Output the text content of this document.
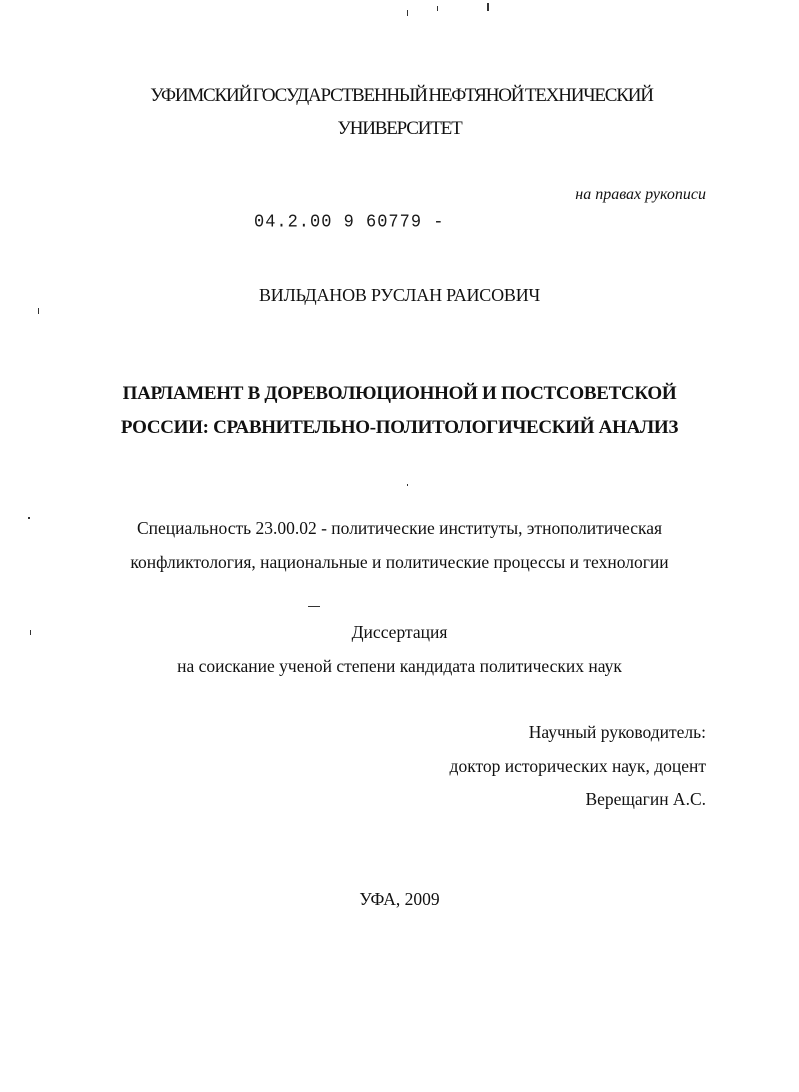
УФИМСКИЙ ГОСУДАРСТВЕННЫЙ НЕФТЯНОЙ ТЕХНИЧЕСКИЙ
УНИВЕРСИТЕТ
на правах рукописи
04.2.00 9 60779 -
ВИЛЬДАНОВ РУСЛАН РАИСОВИЧ
ПАРЛАМЕНТ В ДОРЕВОЛЮЦИОННОЙ И ПОСТСОВЕТСКОЙ
РОССИИ: СРАВНИТЕЛЬНО-ПОЛИТОЛОГИЧЕСКИЙ АНАЛИЗ
Специальность 23.00.02 - политические институты, этнополитическая
конфликтология, национальные и политические процессы и технологии
Диссертация
на соискание ученой степени кандидата политических наук
Научный руководитель:
доктор исторических наук, доцент
Верещагин А.С.
УФА, 2009
